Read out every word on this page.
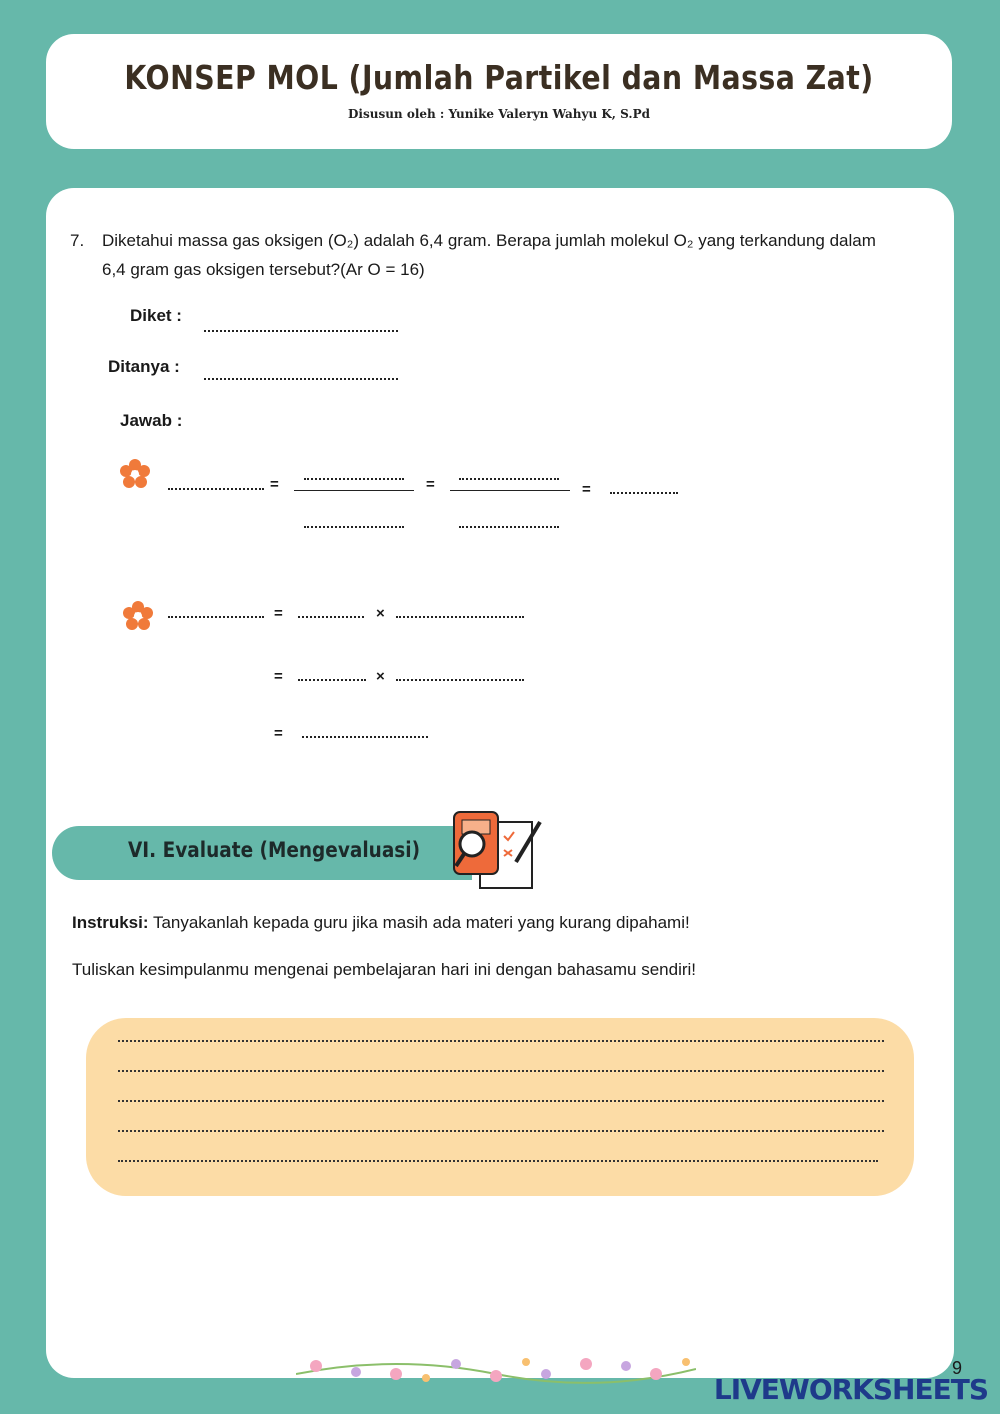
KONSEP MOL (Jumlah Partikel dan Massa Zat)
Disusun oleh : Yunike Valeryn Wahyu K, S.Pd
7.	Diketahui massa gas oksigen (O₂) adalah 6,4 gram. Berapa jumlah molekul O₂ yang terkandung dalam 6,4 gram gas oksigen tersebut?(Ar O = 16)
Diket :
Ditanya :
Jawab :
=	=	=
=	×
=	×
=
VI. Evaluate (Mengevaluasi)
Instruksi: Tanyakanlah kepada guru jika masih ada materi yang kurang dipahami!
Tuliskan kesimpulanmu mengenai pembelajaran hari ini dengan bahasamu sendiri!
9
LIVEWORKSHEETS
